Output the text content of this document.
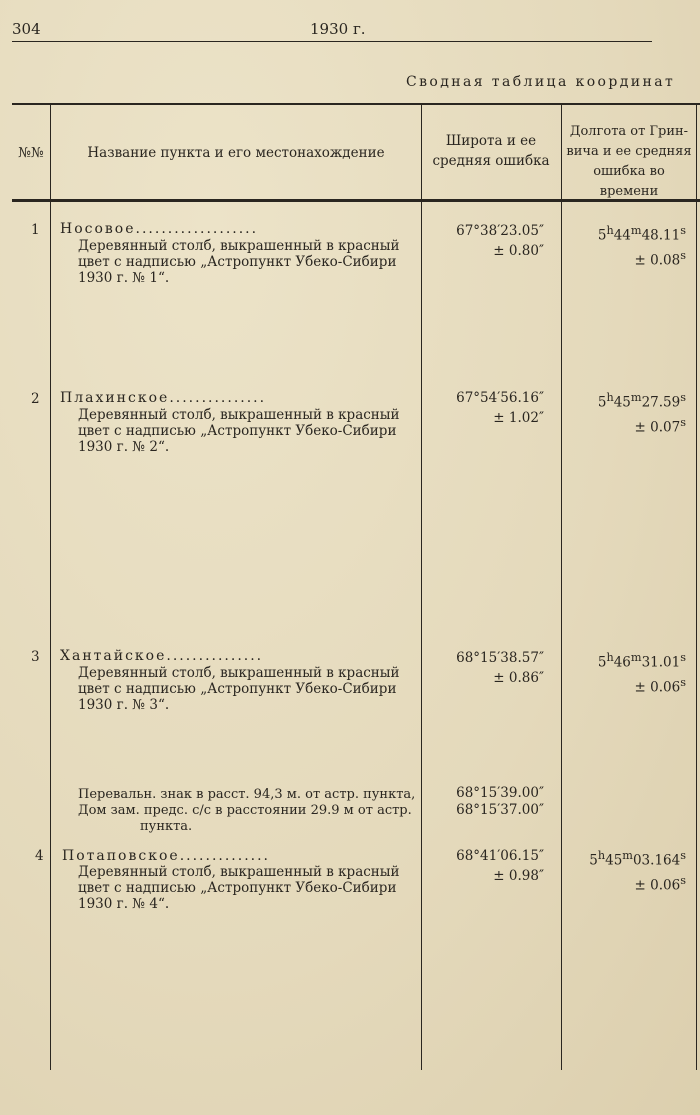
304	1930 г.
Сводная таблица координат
№№	Название пункта и его местонахождение
Широта и ее
средняя ошибка
Долгота от Грин-
вича и ее средняя
ошибка во времени
1 Носовое...................
Деревянный столб, выкрашенный в красный
цвет с надписью „Астропункт Убеко-Сибири
1930 г. № 1“.
67°38′23.05″
± 0.80″
$5^h44^m48.11^s$
± $0.08^s$
2 Плахинское...............
Деревянный столб, выкрашенный в красный
цвет с надписью „Астропункт Убеко-Сибири
1930 г. № 2“.
67°54′56.16″
± 1.02″
$5^h45^m27.59^s$
± $0.07^s$
3 Хантайское...............
Деревянный столб, выкрашенный в красный
цвет с надписью „Астропункт Убеко-Сибири
1930 г. № 3“.
68°15′38.57″
± 0.86″
$5^h46^m31.01^s$
± $0.06^s$
Перевальн. знак в расст. 94,3 м. от астр. пункта,
Дом зам. предс. с/с в расстоянии 29.9 м от астр.
пункта.
68°15′39.00″
68°15′37.00″
4 Потаповское..............
Деревянный столб, выкрашенный в красный
цвет с надписью „Астропункт Убеко-Сибири
1930 г. № 4“.
68°41′06.15″
± 0.98″
$5^h45^m03.164^s$
± $0.06^s$
